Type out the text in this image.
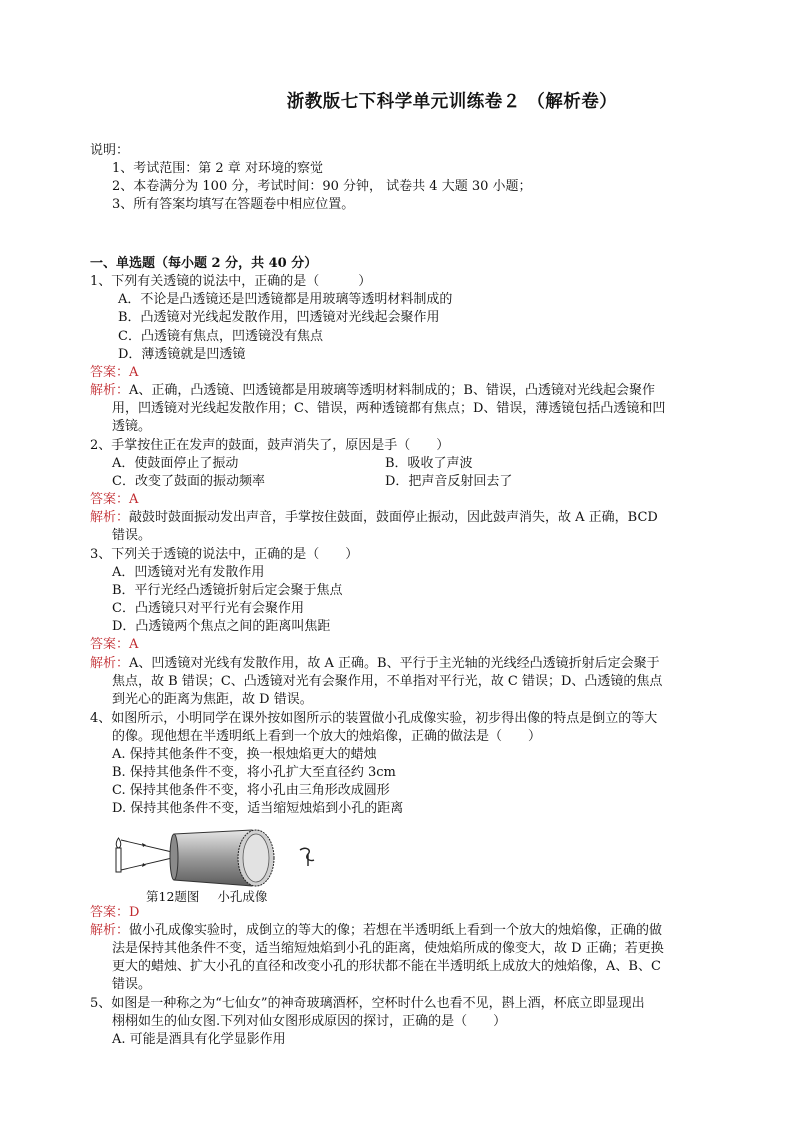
浙教版七下科学单元训练卷２ （解析卷）
说明：
1、考试范围：第 2 章 对环境的察觉
2、本卷满分为 100 分，考试时间：90 分钟， 试卷共 4 大题 30 小题；
3、所有答案均填写在答题卷中相应位置。
一、单选题（每小题 2 分，共 40 分）
1、下列有关透镜的说法中，正确的是（　　　）
A．不论是凸透镜还是凹透镜都是用玻璃等透明材料制成的
B．凸透镜对光线起发散作用，凹透镜对光线起会聚作用
C．凸透镜有焦点，凹透镜没有焦点
D．薄透镜就是凹透镜
答案：A
解析：A、正确，凸透镜、凹透镜都是用玻璃等透明材料制成的；B、错误，凸透镜对光线起会聚作
用，凹透镜对光线起发散作用；C、错误，两种透镜都有焦点；D、错误，薄透镜包括凸透镜和凹
透镜。
2、手掌按住正在发声的鼓面，鼓声消失了，原因是手（　　）
A．使鼓面停止了振动	B．吸收了声波
C．改变了鼓面的振动频率	D．把声音反射回去了
答案：A
解析：敲鼓时鼓面振动发出声音，手掌按住鼓面，鼓面停止振动，因此鼓声消失，故 A 正确，BCD
错误。
3、下列关于透镜的说法中，正确的是（　　）
A．凹透镜对光有发散作用
B．平行光经凸透镜折射后定会聚于焦点
C．凸透镜只对平行光有会聚作用
D．凸透镜两个焦点之间的距离叫焦距
答案：A
解析：A、凹透镜对光线有发散作用，故 A 正确。B、平行于主光轴的光线经凸透镜折射后定会聚于
焦点，故 B 错误；C、凸透镜对光有会聚作用，不单指对平行光，故 C 错误；D、凸透镜的焦点
到光心的距离为焦距，故 D 错误。
4、如图所示，小明同学在课外按如图所示的装置做小孔成像实验，初步得出像的特点是倒立的等大
的像。现他想在半透明纸上看到一个放大的烛焰像，正确的做法是（　　）
A. 保持其他条件不变，换一根烛焰更大的蜡烛
B. 保持其他条件不变，将小孔扩大至直径约 3cm
C. 保持其他条件不变，将小孔由三角形改成圆形
D. 保持其他条件不变，适当缩短烛焰到小孔的距离
第12题图 小孔成像
答案：D
解析：做小孔成像实验时，成倒立的等大的像；若想在半透明纸上看到一个放大的烛焰像，正确的做
法是保持其他条件不变，适当缩短烛焰到小孔的距离，使烛焰所成的像变大，故 D 正确；若更换
更大的蜡烛、扩大小孔的直径和改变小孔的形状都不能在半透明纸上成放大的烛焰像，A、B、C
错误。
5、如图是一种称之为“七仙女”的神奇玻璃酒杯，空杯时什么也看不见，斟上酒，杯底立即显现出
栩栩如生的仙女图.下列对仙女图形成原因的探讨，正确的是（　　）
A. 可能是酒具有化学显影作用
